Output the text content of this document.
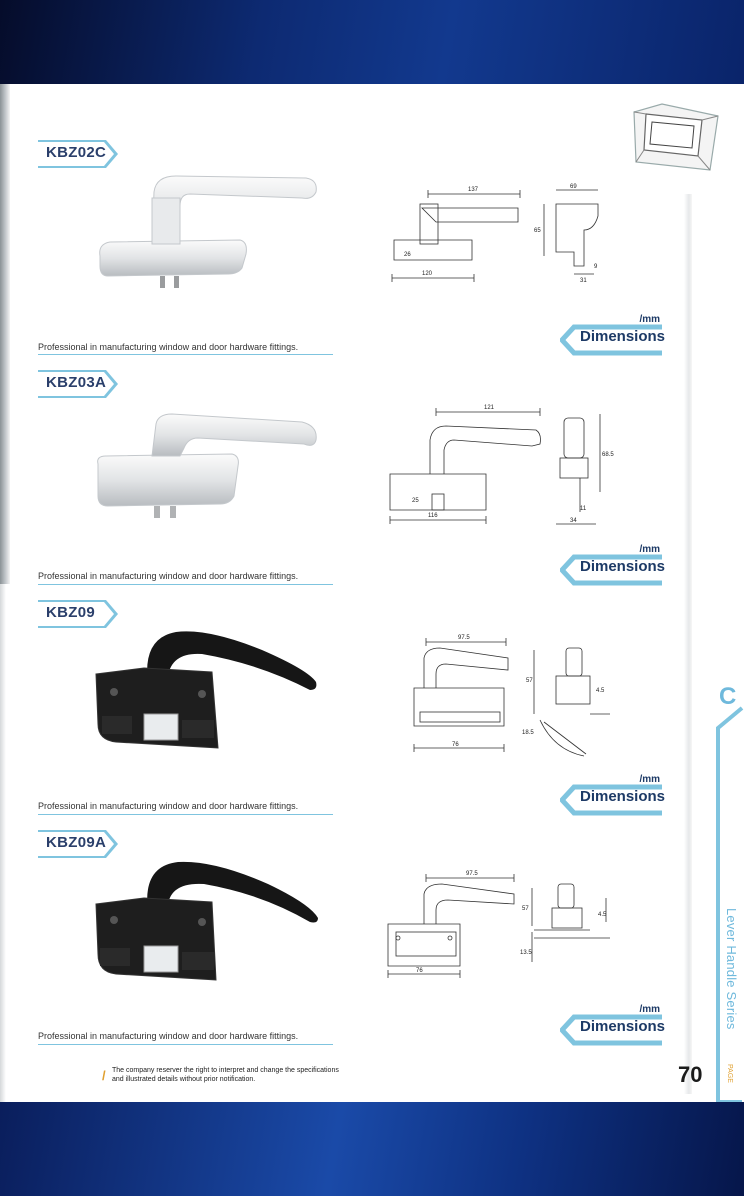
KBZ02C
137
120
69
65
26
31
9
/mm
Dimensions
Professional in manufacturing window and door hardware fittings.
KBZ03A
121
116
25
68.5
11
34
/mm
Dimensions
Professional in manufacturing window and door hardware fittings.
KBZ09
97.5
76
57
4.5
18.5
/mm
Dimensions
Professional in manufacturing window and door hardware fittings.
KBZ09A
97.5
76
57
4.5
13.5
/mm
Dimensions
Professional in manufacturing window and door hardware fittings.
/ The company reserver the right to interpret and change the specifications
and illustrated details without prior notification.
C
Lever Handle Series
PAGE
70
